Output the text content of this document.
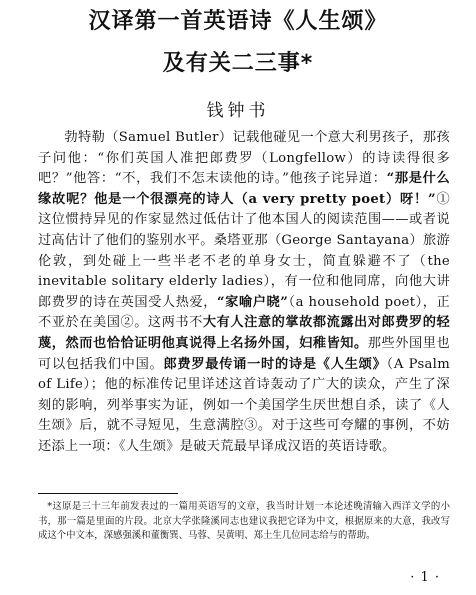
汉译第一首英语诗《人生颂》
及有关二三事*
钱钟书
勃特勒（Samuel Butler）记载他碰见一个意大利男孩子，那孩子问他：“你们英国人准把郎费罗（Longfellow）的诗读得很多吧？”他答：“不，我们不怎末读他的诗。”他孩子诧异道：“那是什么缘故呢？他是一个很漂亮的诗人（a very pretty poet）呀！”①这位惯持异见的作家显然过低估计了他本国人的阅读范围——或者说过高估计了他们的鉴别水平。桑塔亚那（George Santayana）旅游伦敦，到处碰上一些半老不老的单身女士，简直躲避不了（the inevitable solitary elderly ladies），有一位和他同席，向他大讲郎费罗的诗在英国受人热爱，“家喻户晓”（a household poet），正不亚於在美国②。这两书不大有人注意的掌故都流露出对郎费罗的轻蔑，然而也恰恰证明他真说得上名扬外国，妇稚皆知。那些外国里也可以包括我们中国。郎费罗最传诵一时的诗是《人生颂》（A Psalm of Life）；他的标准传记里详述这首诗轰动了广大的读众，产生了深刻的影响，列举事实为证，例如一个美国学生厌世想自杀，读了《人生颂》后，就不寻短见，生意满腔③。对于这些可夸耀的事例，不妨还添上一项：《人生颂》是破天荒最早译成汉语的英语诗歌。
*这原是三十三年前发表过的一篇用英语写的文章，我当时计划一本论述晚清输入西洋文学的小书，那一篇是里面的片段。北京大学张隆溪同志也建议我把它译为中文，根据原来的大意，我改写成这个中文本，深感强溪和董衡巽、马蓉、吴黄明、郑土生几位同志给与的帮助。
· 1 ·
